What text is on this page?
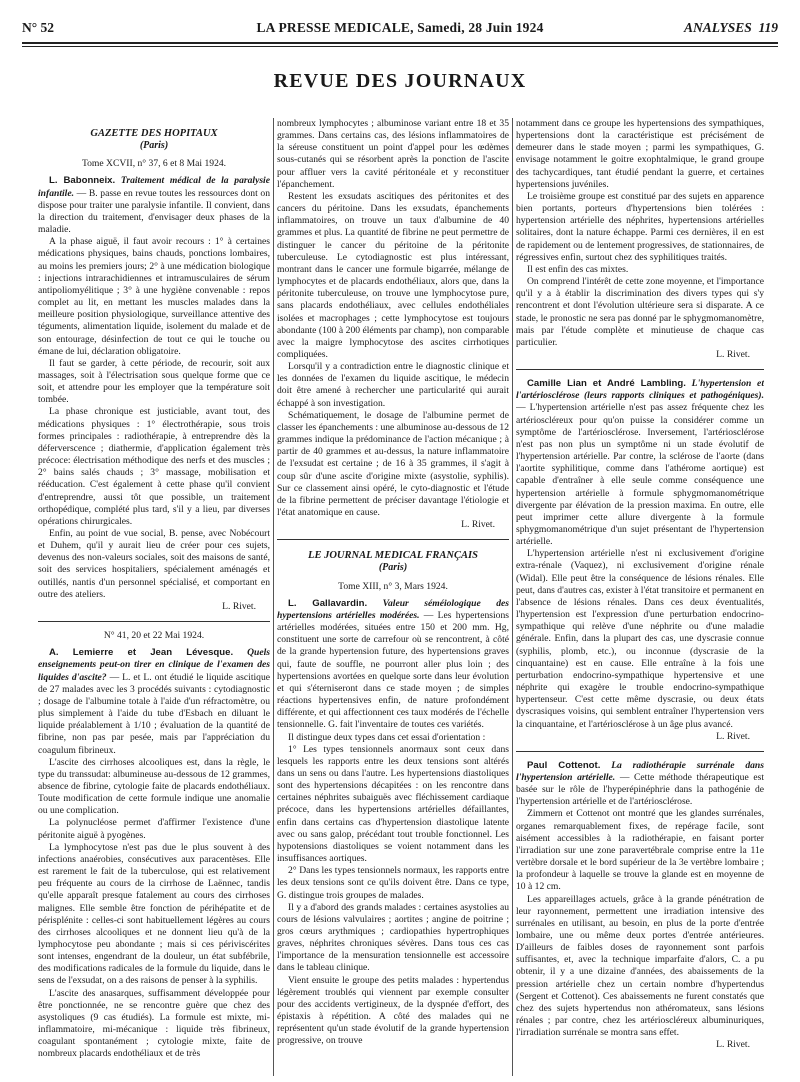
N° 52	LA PRESSE MEDICALE, Samedi, 28 Juin 1924	ANALYSES 119
REVUE DES JOURNAUX
GAZETTE DES HOPITAUX
(Paris)
Tome XCVII, n° 37, 6 et 8 Mai 1924.

L. Babonneix. Traitement médical de la paralysie infantile. — B. passe en revue toutes les ressources dont on dispose pour traiter une paralysie infantile. Il convient, dans la direction du traitement, d'envisager deux phases de la maladie.

A la phase aiguë, il faut avoir recours : 1° à certaines médications physiques, bains chauds, ponctions lombaires, au moins les premiers jours; 2° à une médication biologique : injections intrarachidiennes et intramusculaires de sérum antipoliomyélitique ; 3° à une hygiène convenable : repos complet au lit, en mettant les muscles malades dans la meilleure position physiologique, surveillance attentive des téguments, alimentation liquide, isolement du malade et de son entourage, désinfection de tout ce qui le touche ou émane de lui, déclaration obligatoire.

Il faut se garder, à cette période, de recourir, soit aux massages, soit à l'électrisation sous quelque forme que ce soit, et attendre pour les employer que la température soit tombée.

La phase chronique est justiciable, avant tout, des médications physiques : 1° électrothérapie, sous trois formes principales : radiothérapie, à entreprendre dès la déferverscence ; diathermie, d'application également très précoce: électrisation méthodique des nerfs et des muscles ; 2° bains salés chauds ; 3° massage, mobilisation et rééducation. C'est également à cette phase qu'il convient d'entreprendre, aussi tôt que possible, un traitement orthopédique, complété plus tard, s'il y a lieu, par diverses opérations chirurgicales.

Enfin, au point de vue social, B. pense, avec Nobécourt et Duhem, qu'il y aurait lieu de créer pour ces sujets, devenus des non-valeurs sociales, soit des maisons de santé, soit des services hospitaliers, spécialement aménagés et outillés, nantis d'un personnel spécialisé, et comportant en outre des ateliers.

L. Rivet.
N° 41, 20 et 22 Mai 1924.

A. Lemierre et Jean Lévesque. Quels enseignements peut-on tirer en clinique de l'examen des liquides d'ascite? — L. et L. ont étudié le liquide ascitique de 27 malades avec les 3 procédés suivants : cytodiagnostic ; dosage de l'albumine totale à l'aide d'un réfractomètre, ou plus simplement à l'aide du tube d'Esbach en diluant le liquide préalablement à 1/10 ; évaluation de la quantité de fibrine, non pas par pesée, mais par l'appréciation du coagulum fibrineux.

L'ascite des cirrhoses alcooliques est, dans la règle, le type du transsudat: albumineuse au-dessous de 12 grammes, absence de fibrine, cytologie faite de placards endothéliaux. Toute modification de cette formule indique une anomalie ou une complication.

La polynucléose permet d'affirmer l'existence d'une péritonite aiguë à pyogènes.

La lymphocytose n'est pas due le plus souvent à des infections anaérobies, consécutives aux paracentèses. Elle est rarement le fait de la tuberculose, qui est relativement peu fréquente au cours de la cirrhose de Laënnec, tandis qu'elle apparaît presque fatalement au cours des cirrhoses malignes. Elle semble être fonction de périhépatite et de périsplénite : celles-ci sont habituellement légères au cours des cirrhoses alcooliques et ne donnent lieu qu'à de la lymphocytose peu abondante ; mais si ces périviscérites sont intenses, engendrant de la douleur, un état subfébrile, des modifications radicales de la formule du liquide, dans le sens de l'exsudat, on a des raisons de penser à la syphilis.

L'ascite des anasarques, suffisamment développée pour être ponctionnée, ne se rencontre guère que chez des asystoliques (9 cas étudiés). La formule est mixte, mi-inflammatoire, mi-mécanique : liquide très fibrineux, coagulant spontanément ; cytologie mixte, faite de nombreux placards endothéliaux et de très

nombreux lymphocytes ; albuminose variant entre 18 et 35 grammes. Dans certains cas, des lésions inflammatoires de la séreuse constituent un point d'appel pour les œdèmes sous-cutanés qui se résorbent après la ponction de l'ascite pour affluer vers la cavité péritonéale et y reconstituer l'épanchement.

Restent les exsudats ascitiques des péritonites et des cancers du péritoine. Dans les exsudats, épanchements inflammatoires, on trouve un taux d'albumine de 40 grammes et plus. La quantité de fibrine ne peut permettre de distinguer le cancer du péritoine de la péritonite tuberculeuse. Le cytodiagnostic est plus intéressant, montrant dans le cancer une formule bigarrée, mélange de lymphocytes et de placards endothéliaux, alors que, dans la péritonite tuberculeuse, on trouve une lymphocytose pure, sans placards endothéliaux, avec cellules endothéliales isolées et macrophages ; cette lymphocytose est toujours abondante (100 à 200 éléments par champ), non comparable avec la maigre lymphocytose des ascites cirrhotiques compliquées.

Lorsqu'il y a contradiction entre le diagnostic clinique et les données de l'examen du liquide ascitique, le médecin doit être amené à rechercher une particularité qui aurait échappé à son investigation.

Schématiquement, le dosage de l'albumine permet de classer les épanchements : une albuminose au-dessous de 12 grammes indique la prédominance de l'action mécanique ; à partir de 40 grammes et au-dessus, la nature inflammatoire de l'exsudat est certaine ; de 16 à 35 grammes, il s'agit à coup sûr d'une ascite d'origine mixte (asystolie, syphilis). Sur ce classement ainsi opéré, le cyto-diagnostic et l'étude de la fibrine permettent de préciser davantage l'étiologie et l'état anatomique en cause.

L. Rivet.
LE JOURNAL MEDICAL FRANÇAIS
(Paris)
Tome XIII, n° 3, Mars 1924.

L. Gallavardin. Valeur séméiologique des hypertensions artérielles modérées. — Les hypertensions artérielles modérées, situées entre 150 et 200 mm. Hg, constituent une sorte de carrefour où se rencontrent, à côté de la grande hypertension future, des hypertensions graves qui, faute de souffle, ne pourront aller plus loin ; des hypertensions avortées en quelque sorte dans leur évolution et qui s'éterniseront dans ce stade moyen ; de simples réactions hypertensives enfin, de nature profondément différente, et qui affectionnent ces taux modérés de l'échelle tensionnelle. G. fait l'inventaire de toutes ces variétés.

Il distingue deux types dans cet essai d'orientation :

1° Les types tensionnels anormaux sont ceux dans lesquels les rapports entre les deux tensions sont altérés dans un sens ou dans l'autre. Les hypertensions diastoliques sont des hypertensions décapitées : on les rencontre dans certaines néphrites subaiguës avec fléchissement cardiaque précoce, dans les hypertensions artérielles défaillantes, enfin dans certains cas d'hypertension diastolique latente avec ou sans galop, précédant tout trouble fonctionnel. Les hypotensions diastoliques se voient notamment dans les insuffisances aortiques.

2° Dans les types tensionnels normaux, les rapports entre les deux tensions sont ce qu'ils doivent être. Dans ce type, G. distingue trois groupes de malades.

Il y a d'abord des grands malades : certaines asystolies au cours de lésions valvulaires ; aortites ; angine de poitrine ; gros cœurs arythmiques ; cardiopathies hypertrophiques graves, néphrites chroniques sévères. Dans tous ces cas l'importance de la mensuration tensionnelle est accessoire dans le tableau clinique.

Vient ensuite le groupe des petits malades : hypertendus légèrement troublés qui viennent par exemple consulter pour des accidents vertigineux, de la dyspnée d'effort, des épistaxis à répétition. A côté des malades qui ne représentent qu'un stade évolutif de la grande hypertension progressive, on trouve

notamment dans ce groupe les hypertensions des sympathiques, hypertensions dont la caractéristique est précisément de demeurer dans le stade moyen ; parmi les sympathiques, G. envisage notamment le goitre exophtalmique, le grand groupe des tachycardiques, tant étudié pendant la guerre, et certaines hypertensions juvéniles.

Le troisième groupe est constitué par des sujets en apparence bien portants, porteurs d'hypertensions bien tolérées : hypertension artérielle des néphrites, hypertensions artérielles solitaires, dont la nature échappe. Parmi ces dernières, il en est de rapidement ou de lentement progressives, de stationnaires, de régressives enfin, surtout chez des syphilitiques traités.

Il est enfin des cas mixtes.

On comprend l'intérêt de cette zone moyenne, et l'importance qu'il y a à établir la discrimination des divers types qui s'y rencontrent et dont l'évolution ultérieure sera si disparate. A ce stade, le pronostic ne sera pas donné par le sphygmomanomètre, mais par l'étude complète et minutieuse de chaque cas particulier.

L. Rivet.

Camille Lian et André Lambling. L'hypertension et l'artériosclérose (leurs rapports cliniques et pathogéniques). — L'hypertension artérielle n'est pas assez fréquente chez les artérioscléreux pour qu'on puisse la considérer comme un symptôme de l'artériosclérose. Inversement, l'artériosclérose n'est pas non plus un symptôme ni un stade évolutif de l'hypertension artérielle. Par contre, la sclérose de l'aorte (dans l'aortite syphilitique, comme dans l'athérome aortique) est capable d'entraîner à elle seule comme conséquence une hypertension artérielle à formule sphygmomanométrique divergente par élévation de la pression maxima. En outre, elle peut imprimer cette allure divergente à la formule sphygmomanométrique d'un sujet présentant de l'hypertension artérielle.

L'hypertension artérielle n'est ni exclusivement d'origine extra-rénale (Vaquez), ni exclusivement d'origine rénale (Widal). Elle peut être la conséquence de lésions rénales. Elle peut, dans d'autres cas, exister à l'état transitoire et permanent en l'absence de lésions rénales. Dans ces deux éventualités, l'hypertension est l'expression d'une perturbation endocrino-sympathique qui relève d'une néphrite ou d'une maladie générale. Enfin, dans la plupart des cas, une dyscrasie connue (syphilis, plomb, etc.), ou inconnue (dyscrasie de la cinquantaine) est en cause. Elle entraîne à la fois une perturbation endocrino-sympathique hypertensive et une néphrite qui exagère le trouble endocrino-sympathique hypertenseur. C'est cette même dyscrasie, ou deux états dyscrasiques voisins, qui semblent entraîner l'hypertension vers la cinquantaine, et l'artériosclérose à un âge plus avancé.

L. Rivet.

Paul Cottenot. La radiothérapie surrénale dans l'hypertension artérielle. — Cette méthode thérapeutique est basée sur le rôle de l'hyperépinéphrie dans la pathogénie de l'hypertension artérielle et de l'artériosclérose.

Zimmern et Cottenot ont montré que les glandes surrénales, organes remarquablement fixes, de repérage facile, sont aisément accessibles à la radiothérapie, en faisant porter l'irradiation sur une zone paravertébrale comprise entre la 11e vertèbre dorsale et le bord supérieur de la 3e vertèbre lombaire ; la profondeur à laquelle se trouve la glande est en moyenne de 10 à 12 cm.

Les appareillages actuels, grâce à la grande pénétration de leur rayonnement, permettent une irradiation intensive des surrénales en utilisant, au besoin, en plus de la porte d'entrée lombaire, une ou même deux portes d'entrée antérieures. D'ailleurs de faibles doses de rayonnement sont parfois suffisantes, et, avec la technique imparfaite d'alors, C. a pu obtenir, il y a une dizaine d'années, des abaissements de la pression artérielle chez un certain nombre d'hypertendus (Sergent et Cottenot). Ces abaissements ne furent constatés que chez des sujets hypertendus non athéromateux, sans lésions rénales ; par contre, chez les artérioscléreux albuminuriques, l'irradiation surrénale se montra sans effet.

L. Rivet.
